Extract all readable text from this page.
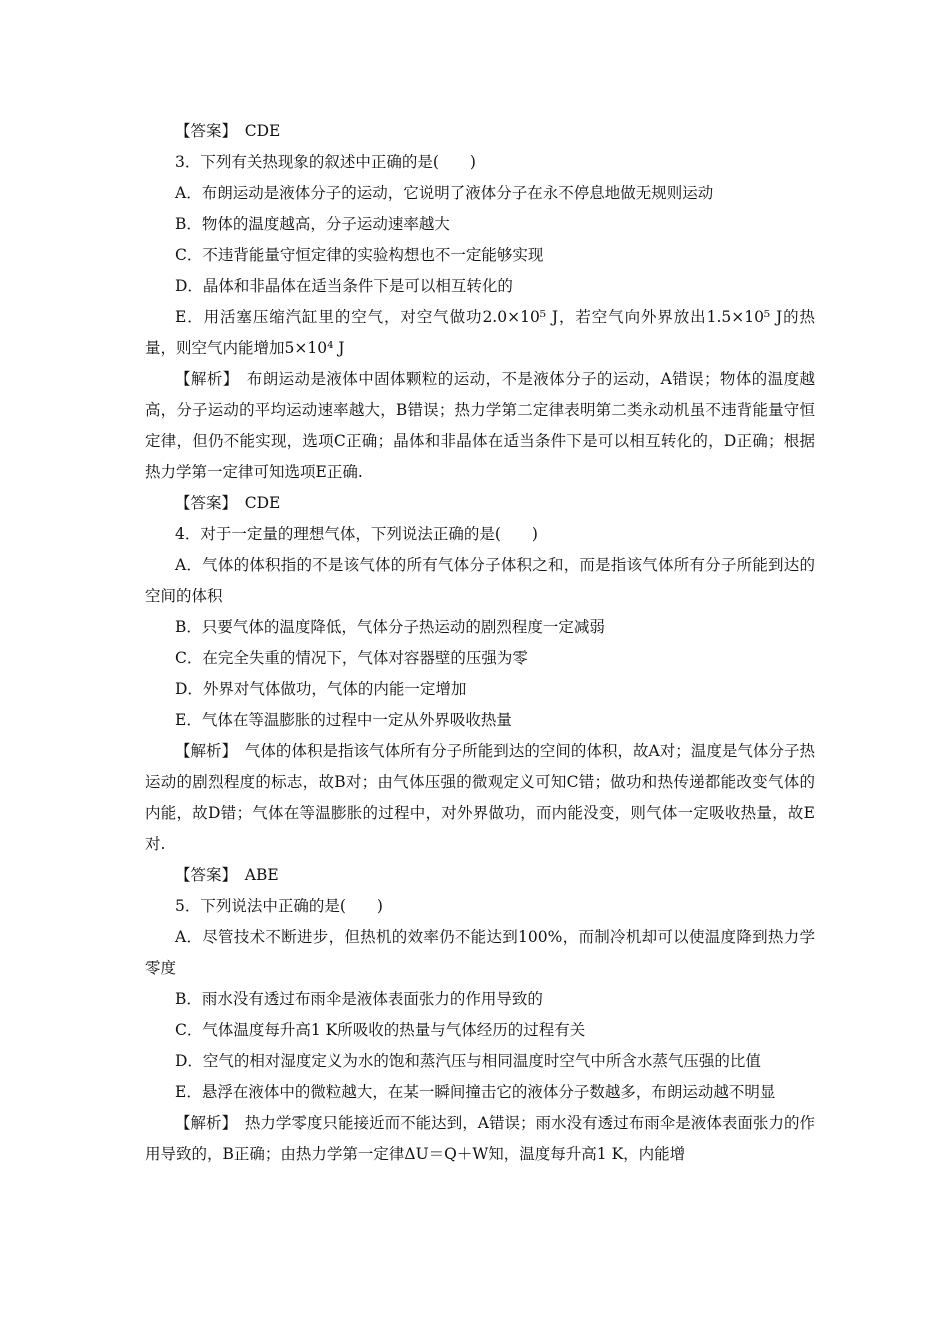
【答案】　CDE

3．下列有关热现象的叙述中正确的是(　　)

A．布朗运动是液体分子的运动，它说明了液体分子在永不停息地做无规则运动

B．物体的温度越高，分子运动速率越大

C．不违背能量守恒定律的实验构想也不一定能够实现

D．晶体和非晶体在适当条件下是可以相互转化的

E．用活塞压缩汽缸里的空气，对空气做功2.0×10⁵ J，若空气向外界放出1.5×10⁵ J的热量，则空气内能增加5×10⁴ J

【解析】　布朗运动是液体中固体颗粒的运动，不是液体分子的运动，A错误；物体的温度越高，分子运动的平均运动速率越大，B错误；热力学第二定律表明第二类永动机虽不违背能量守恒定律，但仍不能实现，选项C正确；晶体和非晶体在适当条件下是可以相互转化的，D正确；根据热力学第一定律可知选项E正确.

【答案】　CDE

4．对于一定量的理想气体，下列说法正确的是(　　)

A．气体的体积指的不是该气体的所有气体分子体积之和，而是指该气体所有分子所能到达的空间的体积

B．只要气体的温度降低，气体分子热运动的剧烈程度一定减弱

C．在完全失重的情况下，气体对容器壁的压强为零

D．外界对气体做功，气体的内能一定增加

E．气体在等温膨胀的过程中一定从外界吸收热量

【解析】　气体的体积是指该气体所有分子所能到达的空间的体积，故A对；温度是气体分子热运动的剧烈程度的标志，故B对；由气体压强的微观定义可知C错；做功和热传递都能改变气体的内能，故D错；气体在等温膨胀的过程中，对外界做功，而内能没变，则气体一定吸收热量，故E对.

【答案】　ABE

5．下列说法中正确的是(　　)

A．尽管技术不断进步，但热机的效率仍不能达到100%，而制冷机却可以使温度降到热力学零度

B．雨水没有透过布雨伞是液体表面张力的作用导致的

C．气体温度每升高1 K所吸收的热量与气体经历的过程有关

D．空气的相对湿度定义为水的饱和蒸汽压与相同温度时空气中所含水蒸气压强的比值

E．悬浮在液体中的微粒越大，在某一瞬间撞击它的液体分子数越多，布朗运动越不明显

【解析】　热力学零度只能接近而不能达到，A错误；雨水没有透过布雨伞是液体表面张力的作用导致的，B正确；由热力学第一定律ΔU＝Q＋W知，温度每升高1 K，内能增
